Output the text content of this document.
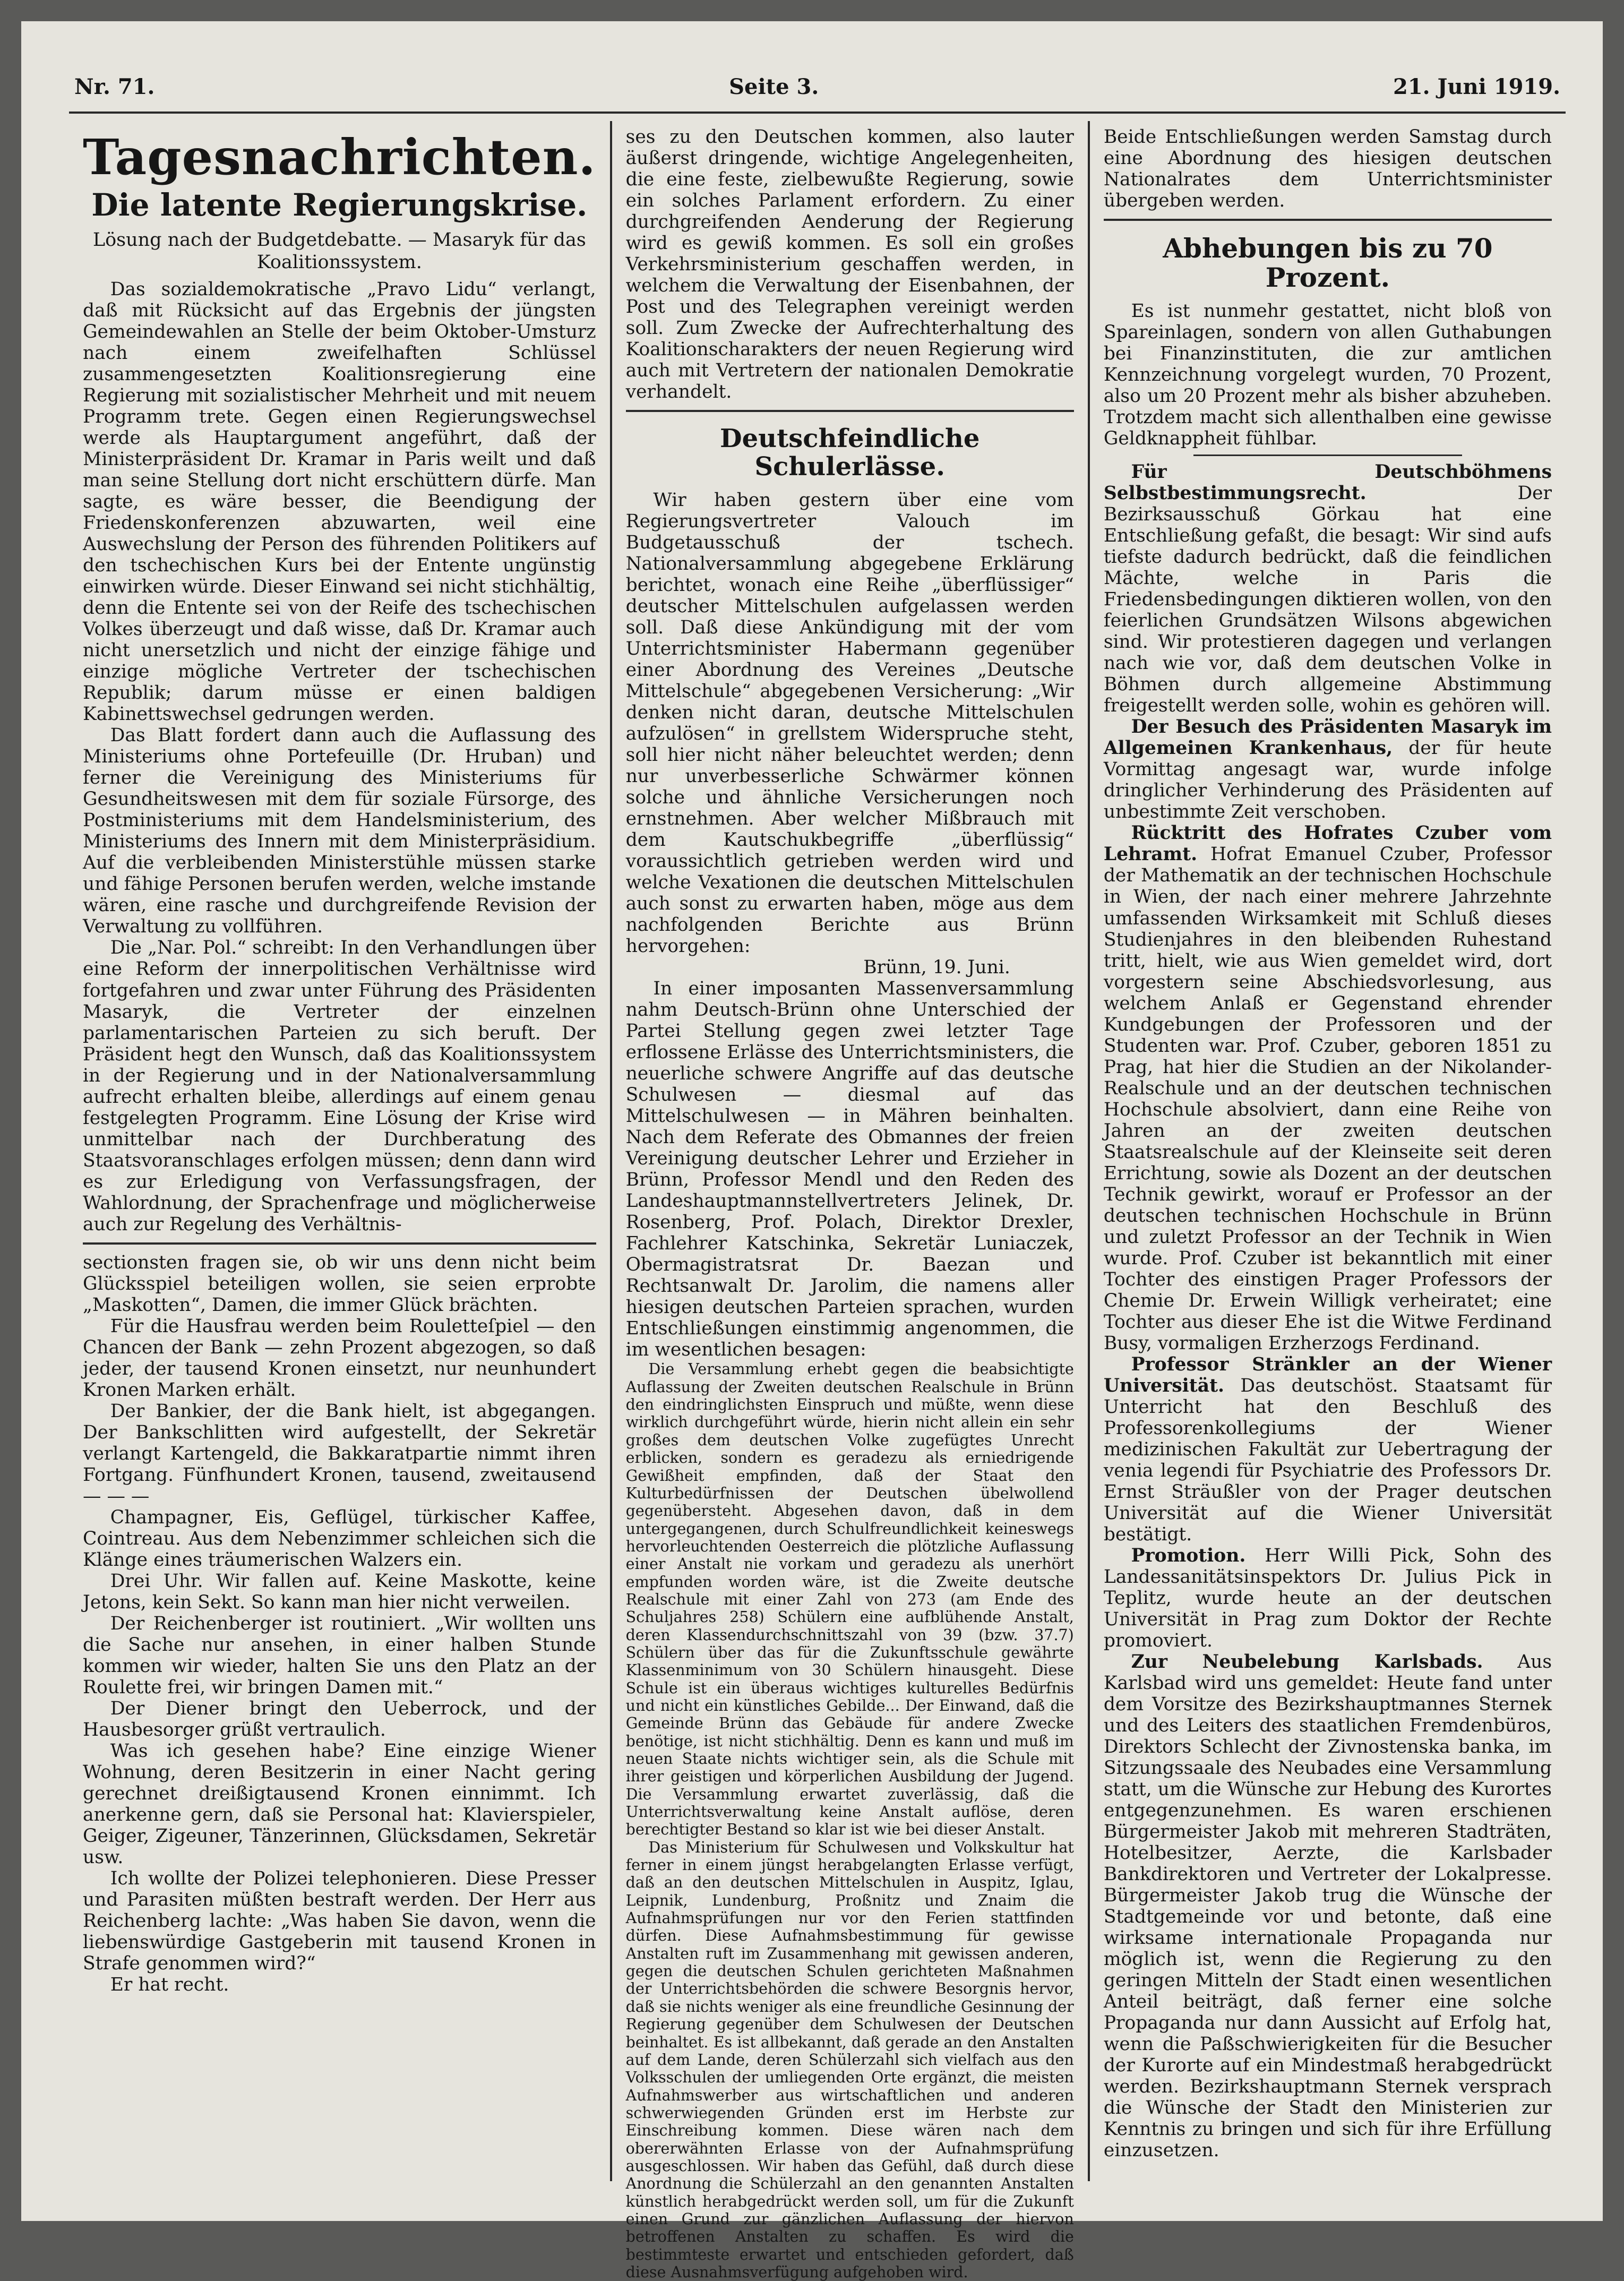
Nr. 71.	Seite 3.	21. Juni 1919.
Tagesnachrichten.
Die latente Regierungskrise.
Lösung nach der Budgetdebatte. — Masaryk für das Koalitionssystem.

Das sozialdemokratische „Pravo Lidu“ verlangt, daß mit Rücksicht auf das Ergebnis der jüngsten Gemeindewahlen an Stelle der beim Oktober-Umsturz nach einem zweifelhaften Schlüssel zusammengesetzten Koalitionsregierung eine Regierung mit sozialistischer Mehrheit und mit neuem Programm trete. Gegen einen Regierungswechsel werde als Hauptargument angeführt, daß der Ministerpräsident Dr. Kramar in Paris weilt und daß man seine Stellung dort nicht erschüttern dürfe. Man sagte, es wäre besser, die Beendigung der Friedenskonferenzen abzuwarten, weil eine Auswechslung der Person des führenden Politikers auf den tschechischen Kurs bei der Entente ungünstig einwirken würde. Dieser Einwand sei nicht stichhältig, denn die Entente sei von der Reife des tschechischen Volkes überzeugt und daß wisse, daß Dr. Kramar auch nicht unersetzlich und nicht der einzige fähige und einzige mögliche Vertreter der tschechischen Republik; darum müsse er einen baldigen Kabinettswechsel gedrungen werden.

Das Blatt fordert dann auch die Auflassung des Ministeriums ohne Portefeuille (Dr. Hruban) und ferner die Vereinigung des Ministeriums für Gesundheitswesen mit dem für soziale Fürsorge, des Postministeriums mit dem Handelsministerium, des Ministeriums des Innern mit dem Ministerpräsidium. Auf die verbleibenden Ministerstühle müssen starke und fähige Personen berufen werden, welche imstande wären, eine rasche und durchgreifende Revision der Verwaltung zu vollführen.

Die „Nar. Pol.“ schreibt: In den Verhandlungen über eine Reform der innerpolitischen Verhältnisse wird fortgefahren und zwar unter Führung des Präsidenten Masaryk, die Vertreter der einzelnen parlamentarischen Parteien zu sich beruft. Der Präsident hegt den Wunsch, daß das Koalitionssystem in der Regierung und in der Nationalversammlung aufrecht erhalten bleibe, allerdings auf einem genau festgelegten Programm. Eine Lösung der Krise wird unmittelbar nach der Durchberatung des Staatsvoranschlages erfolgen müssen; denn dann wird es zur Erledigung von Verfassungsfragen, der Wahlordnung, der Sprachenfrage und möglicherweise auch zur Regelung des Verhältnis-

sectionsten fragen sie, ob wir uns denn nicht beim Glücksspiel beteiligen wollen, sie seien erprobte „Maskotten“, Damen, die immer Glück brächten.

Für die Hausfrau werden beim Rouletteſpiel — den Chancen der Bank — zehn Prozent abgezogen, so daß jeder, der tausend Kronen einsetzt, nur neunhundert Kronen Marken erhält.

Der Bankier, der die Bank hielt, ist abgegangen. Der Bankschlitten wird aufgestellt, der Sekretär verlangt Kartengeld, die Bakkaratpartie nimmt ihren Fortgang. Fünfhundert Kronen, tausend, zweitausend — — —

Champagner, Eis, Geflügel, türkischer Kaffee, Cointreau. Aus dem Nebenzimmer schleichen sich die Klänge eines träumerischen Walzers ein.

Drei Uhr. Wir fallen auf. Keine Maskotte, keine Jetons, kein Sekt. So kann man hier nicht verweilen.

Der Reichenberger ist routiniert. „Wir wollten uns die Sache nur ansehen, in einer halben Stunde kommen wir wieder, halten Sie uns den Platz an der Roulette frei, wir bringen Damen mit.“

Der Diener bringt den Ueberrock, und der Hausbesorger grüßt vertraulich.

Was ich gesehen habe? Eine einzige Wiener Wohnung, deren Besitzerin in einer Nacht gering gerechnet dreißigtausend Kronen einnimmt. Ich anerkenne gern, daß sie Personal hat: Klavierspieler, Geiger, Zigeuner, Tänzerinnen, Glücksdamen, Sekretär usw.

Ich wollte der Polizei telephonieren. Diese Presser und Parasiten müßten bestraft werden. Der Herr aus Reichenberg lachte: „Was haben Sie davon, wenn die liebenswürdige Gastgeberin mit tausend Kronen in Strafe genommen wird?“

Er hat recht.

ses zu den Deutschen kommen, also lauter äußerst dringende, wichtige Angelegenheiten, die eine feste, zielbewußte Regierung, sowie ein solches Parlament erfordern. Zu einer durchgreifenden Aenderung der Regierung wird es gewiß kommen. Es soll ein großes Verkehrsministerium geschaffen werden, in welchem die Verwaltung der Eisenbahnen, der Post und des Telegraphen vereinigt werden soll. Zum Zwecke der Aufrechterhaltung des Koalitionscharakters der neuen Regierung wird auch mit Vertretern der nationalen Demokratie verhandelt.

Deutschfeindliche Schulerlässe.

Wir haben gestern über eine vom Regierungsvertreter Valouch im Budgetausschuß der tschech. Nationalversammlung abgegebene Erklärung berichtet, wonach eine Reihe „überflüssiger“ deutscher Mittelschulen aufgelassen werden soll. Daß diese Ankündigung mit der vom Unterrichtsminister Habermann gegenüber einer Abordnung des Vereines „Deutsche Mittelschule“ abgegebenen Versicherung: „Wir denken nicht daran, deutsche Mittelschulen aufzulösen“ in grellstem Widerspruche steht, soll hier nicht näher beleuchtet werden; denn nur unverbesserliche Schwärmer können solche und ähnliche Versicherungen noch ernstnehmen. Aber welcher Mißbrauch mit dem Kautschukbegriffe „überflüssig“ voraussichtlich getrieben werden wird und welche Vexationen die deutschen Mittelschulen auch sonst zu erwarten haben, möge aus dem nachfolgenden Berichte aus Brünn hervorgehen:

Brünn, 19. Juni.

In einer imposanten Massenversammlung nahm Deutsch-Brünn ohne Unterschied der Partei Stellung gegen zwei letzter Tage erflossene Erlässe des Unterrichtsministers, die neuerliche schwere Angriffe auf das deutsche Schulwesen — diesmal auf das Mittelschulwesen — in Mähren beinhalten. Nach dem Referate des Obmannes der freien Vereinigung deutscher Lehrer und Erzieher in Brünn, Professor Mendl und den Reden des Landeshauptmannstellvertreters Jelinek, Dr. Rosenberg, Prof. Polach, Direktor Drexler, Fachlehrer Katschinka, Sekretär Luniaczek, Obermagistratsrat Dr. Baezan und Rechtsanwalt Dr. Jarolim, die namens aller hiesigen deutschen Parteien sprachen, wurden Entschließungen einstimmig angenommen, die im wesentlichen besagen:

Die Versammlung erhebt gegen die beabsichtigte Auflassung der Zweiten deutschen Realschule in Brünn den eindringlichsten Einspruch und müßte, wenn diese wirklich durchgeführt würde, hierin nicht allein ein sehr großes dem deutschen Volke zugefügtes Unrecht erblicken, sondern es geradezu als erniedrigende Gewißheit empfinden, daß der Staat den Kulturbedürfnissen der Deutschen übelwollend gegenübersteht. Abgesehen davon, daß in dem untergegangenen, durch Schulfreundlichkeit keineswegs hervorleuchtenden Oesterreich die plötzliche Auflassung einer Anstalt nie vorkam und geradezu als unerhört empfunden worden wäre, ist die Zweite deutsche Realschule mit einer Zahl von 273 (am Ende des Schuljahres 258) Schülern eine aufblühende Anstalt, deren Klassendurchschnittszahl von 39 (bzw. 37.7) Schülern über das für die Zukunftsschule gewährte Klassenminimum von 30 Schülern hinausgeht. Diese Schule ist ein überaus wichtiges kulturelles Bedürfnis und nicht ein künstliches Gebilde... Der Einwand, daß die Gemeinde Brünn das Gebäude für andere Zwecke benötige, ist nicht stichhältig. Denn es kann und muß im neuen Staate nichts wichtiger sein, als die Schule mit ihrer geistigen und körperlichen Ausbildung der Jugend. Die Versammlung erwartet zuverlässig, daß die Unterrichtsverwaltung keine Anstalt auflöse, deren berechtigter Bestand so klar ist wie bei dieser Anstalt.

Das Ministerium für Schulwesen und Volkskultur hat ferner in einem jüngst herabgelangten Erlasse verfügt, daß an den deutschen Mittelschulen in Auspitz, Iglau, Leipnik, Lundenburg, Proßnitz und Znaim die Aufnahmsprüfungen nur vor den Ferien stattfinden dürfen. Diese Aufnahmsbestimmung für gewisse Anstalten ruft im Zusammenhang mit gewissen anderen, gegen die deutschen Schulen gerichteten Maßnahmen der Unterrichtsbehörden die schwere Besorgnis hervor, daß sie nichts weniger als eine freundliche Gesinnung der Regierung gegenüber dem Schulwesen der Deutschen beinhaltet. Es ist allbekannt, daß gerade an den Anstalten auf dem Lande, deren Schülerzahl sich vielfach aus den Volksschulen der umliegenden Orte ergänzt, die meisten Aufnahmswerber aus wirtschaftlichen und anderen schwerwiegenden Gründen erst im Herbste zur Einschreibung kommen. Diese wären nach dem obererwähnten Erlasse von der Aufnahmsprüfung ausgeschlossen. Wir haben das Gefühl, daß durch diese Anordnung die Schülerzahl an den genannten Anstalten künstlich herabgedrückt werden soll, um für die Zukunft einen Grund zur gänzlichen Auflassung der hiervon betroffenen Anstalten zu schaffen. Es wird die bestimmteste erwartet und entschieden gefordert, daß diese Ausnahmsverfügung aufgehoben wird.

Beide Entschließungen werden Samstag durch eine Abordnung des hiesigen deutschen Nationalrates dem Unterrichtsminister übergeben werden.

Abhebungen bis zu 70 Prozent.

Es ist nunmehr gestattet, nicht bloß von Spareinlagen, sondern von allen Guthabungen bei Finanzinstituten, die zur amtlichen Kennzeichnung vorgelegt wurden, 70 Prozent, also um 20 Prozent mehr als bisher abzuheben. Trotzdem macht sich allenthalben eine gewisse Geldknappheit fühlbar.

Für Deutschböhmens Selbstbestimmungsrecht.	Der Bezirksausschuß Görkau hat eine Entschließung gefaßt, die besagt: Wir sind aufs tiefste dadurch bedrückt, daß die feindlichen Mächte, welche in Paris die Friedensbedingungen diktieren wollen, von den feierlichen Grundsätzen Wilsons abgewichen sind. Wir protestieren dagegen und verlangen nach wie vor, daß dem deutschen Volke in Böhmen durch allgemeine Abstimmung freigestellt werden solle, wohin es gehören will.

Der Besuch des Präsidenten Masaryk im Allgemeinen Krankenhaus, der für heute Vormittag angesagt war, wurde infolge dringlicher Verhinderung des Präsidenten auf unbestimmte Zeit verschoben.

Rücktritt des Hofrates Czuber vom Lehramt. Hofrat Emanuel Czuber, Professor der Mathematik an der technischen Hochschule in Wien, der nach einer mehrere Jahrzehnte umfassenden Wirksamkeit mit Schluß dieses Studienjahres in den bleibenden Ruhestand tritt, hielt, wie aus Wien gemeldet wird, dort vorgestern seine Abschiedsvorlesung, aus welchem Anlaß er Gegenstand ehrender Kundgebungen der Professoren und der Studenten war. Prof. Czuber, geboren 1851 zu Prag, hat hier die Studien an der Nikolander-Realschule und an der deutschen technischen Hochschule absolviert, dann eine Reihe von Jahren an der zweiten deutschen Staatsrealschule auf der Kleinseite seit deren Errichtung, sowie als Dozent an der deutschen Technik gewirkt, worauf er Professor an der deutschen technischen Hochschule in Brünn und zuletzt Professor an der Technik in Wien wurde. Prof. Czuber ist bekanntlich mit einer Tochter des einstigen Prager Professors der Chemie Dr. Erwein Willigk verheiratet; eine Tochter aus dieser Ehe ist die Witwe Ferdinand Busy, vormaligen Erzherzogs Ferdinand.

Professor Stränkler an der Wiener Universität. Das deutschöst. Staatsamt für Unterricht hat den Beschluß des Professorenkollegiums der Wiener medizinischen Fakultät zur Uebertragung der venia legendi für Psychiatrie des Professors Dr. Ernst Sträußler von der Prager deutschen Universität auf die Wiener Universität bestätigt.

Promotion. Herr Willi Pick, Sohn des Landessanitätsinspektors Dr. Julius Pick in Teplitz, wurde heute an der deutschen Universität in Prag zum Doktor der Rechte promoviert.

Zur Neubelebung Karlsbads. Aus Karlsbad wird uns gemeldet: Heute fand unter dem Vorsitze des Bezirkshauptmannes Sternek und des Leiters des staatlichen Fremdenbüros, Direktors Schlecht der Zivnostenska banka, im Sitzungssaale des Neubades eine Versammlung statt, um die Wünsche zur Hebung des Kurortes entgegenzunehmen. Es waren erschienen Bürgermeister Jakob mit mehreren Stadträten, Hotelbesitzer, Aerzte, die Karlsbader Bankdirektoren und Vertreter der Lokalpresse. Bürgermeister Jakob trug die Wünsche der Stadtgemeinde vor und betonte, daß eine wirksame internationale Propaganda nur möglich ist, wenn die Regierung zu den geringen Mitteln der Stadt einen wesentlichen Anteil beiträgt, daß ferner eine solche Propaganda nur dann Aussicht auf Erfolg hat, wenn die Paßschwierigkeiten für die Besucher der Kurorte auf ein Mindestmaß herabgedrückt werden. Bezirkshauptmann Sternek versprach die Wünsche der Stadt den Ministerien zur Kenntnis zu bringen und sich für ihre Erfüllung einzusetzen.
